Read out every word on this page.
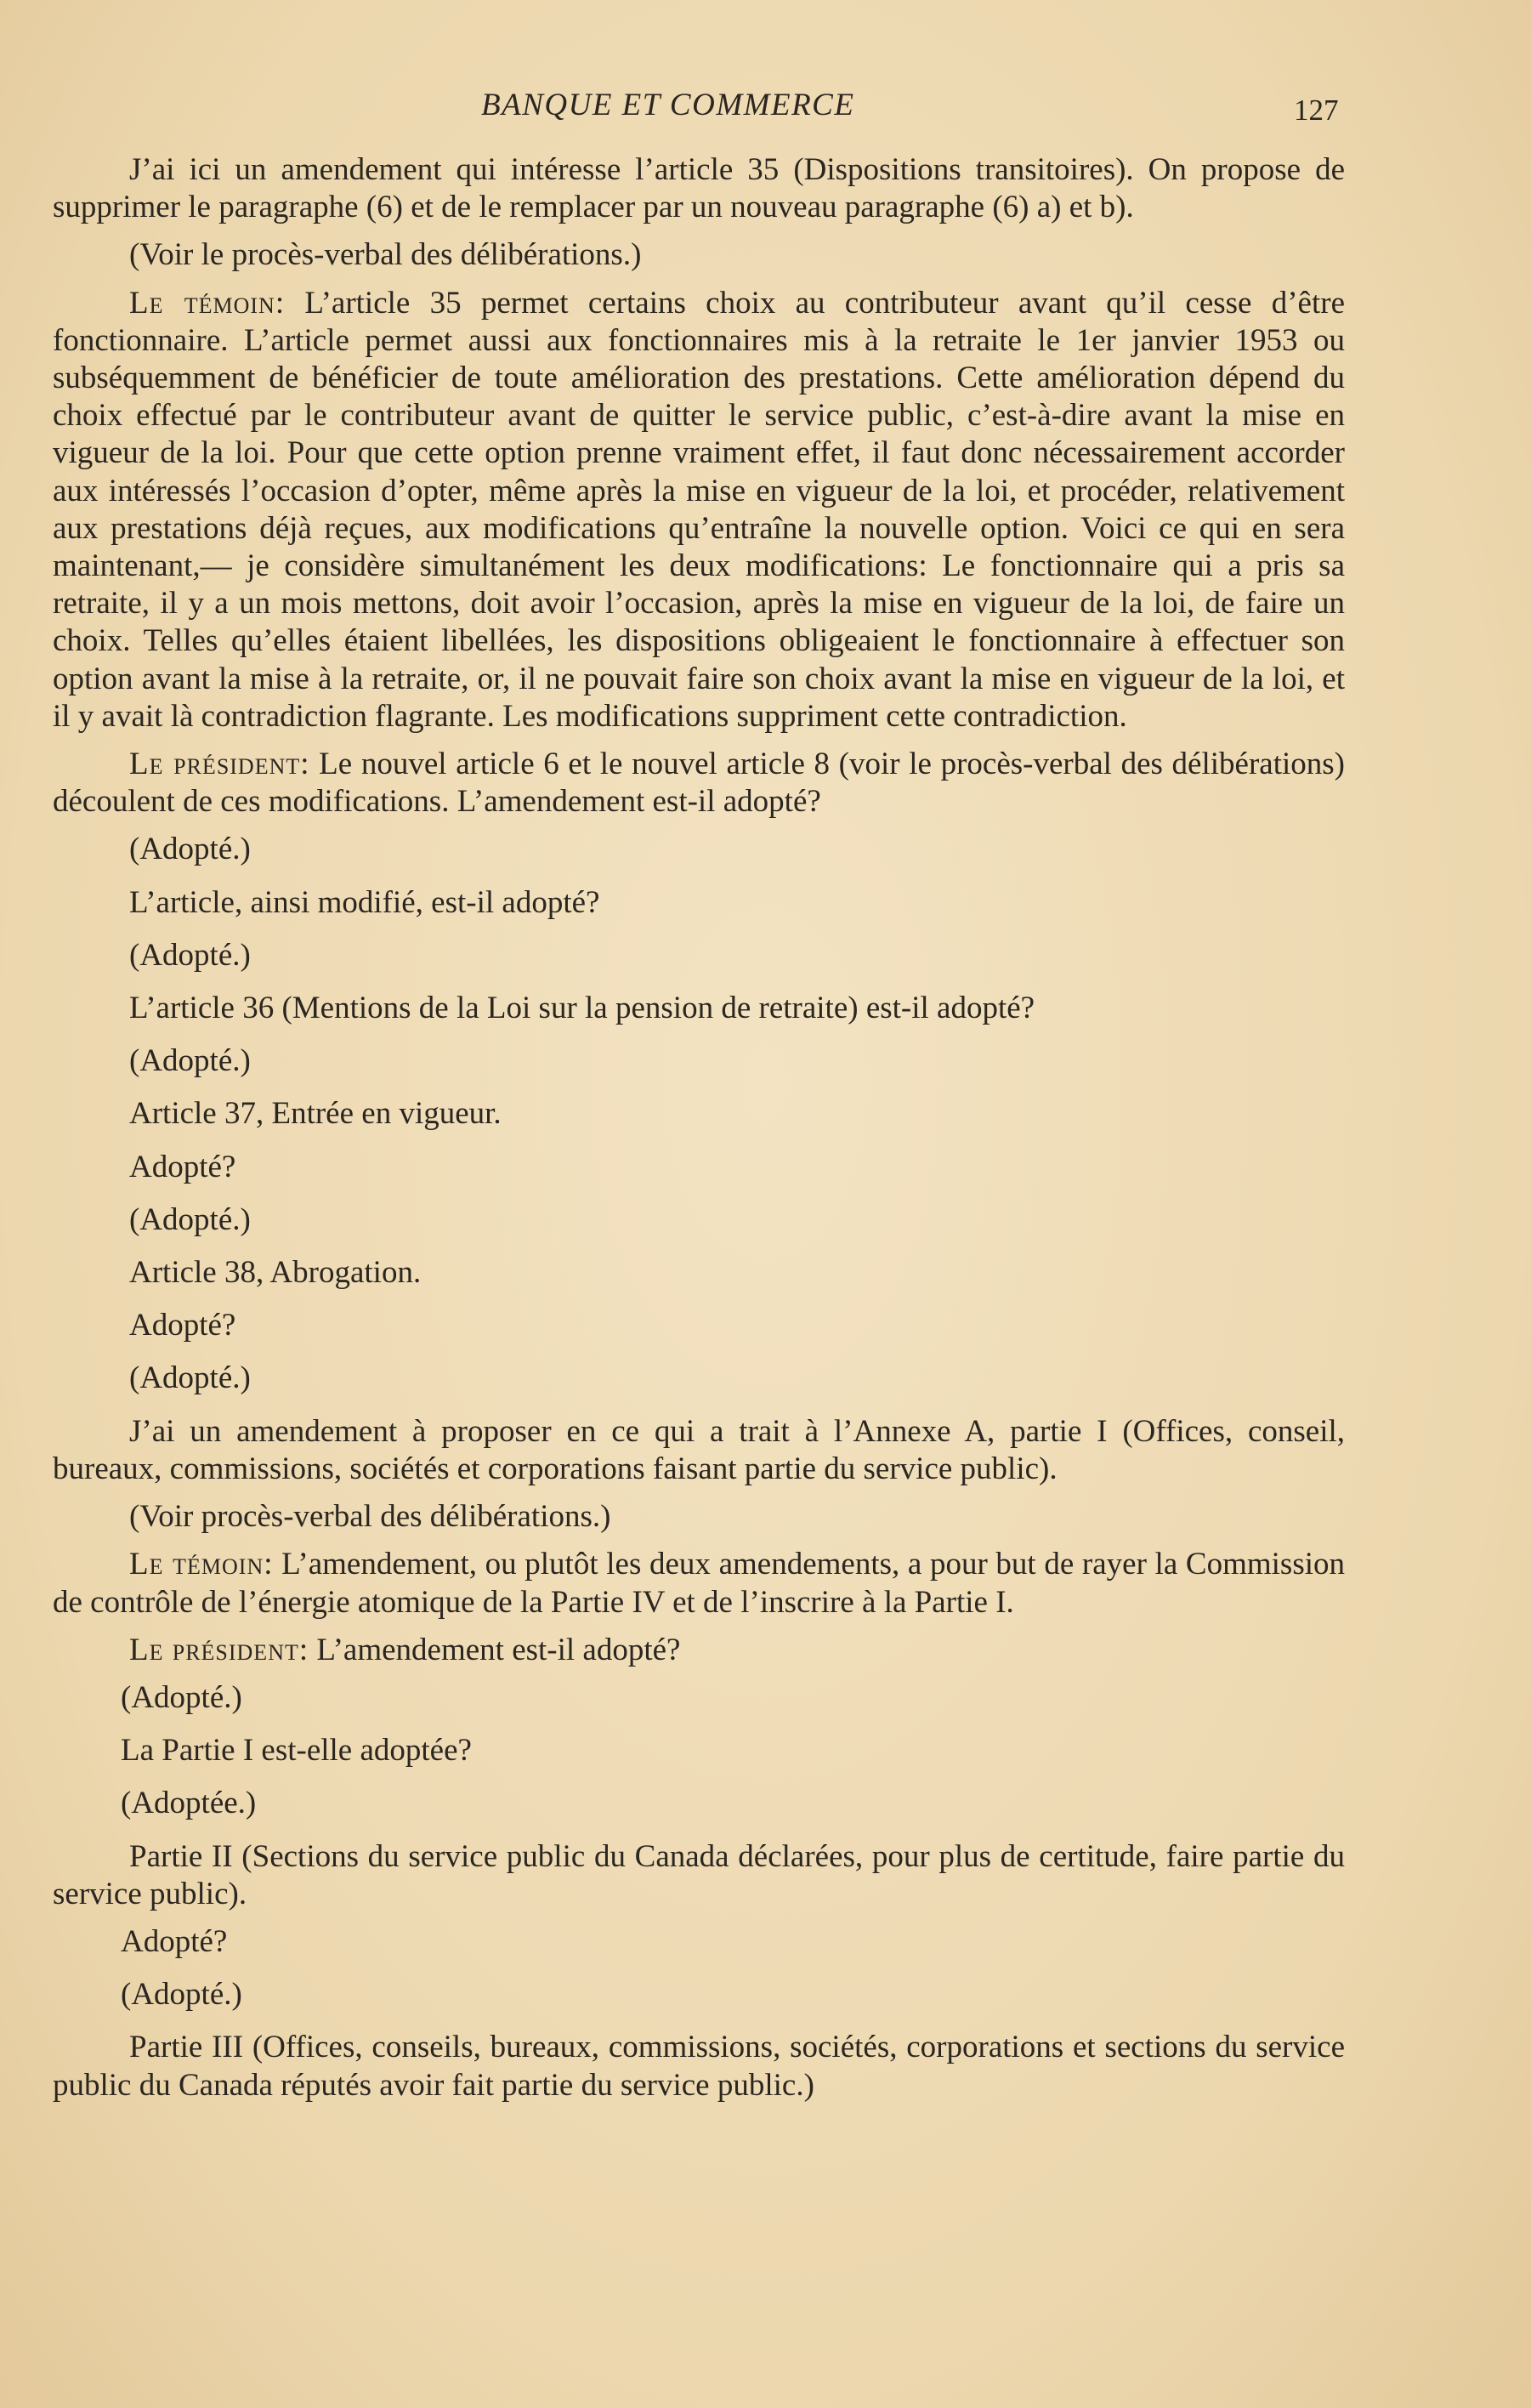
BANQUE ET COMMERCE	127

J’ai ici un amendement qui intéresse l’article 35 (Dispositions transitoires). On propose de supprimer le paragraphe (6) et de le remplacer par un nouveau paragraphe (6) a) et b).

(Voir le procès-verbal des délibérations.)

Le témoin: L’article 35 permet certains choix au contributeur avant qu’il cesse d’être fonctionnaire. L’article permet aussi aux fonctionnaires mis à la retraite le 1er janvier 1953 ou subséquemment de bénéficier de toute amélioration des prestations. Cette amélioration dépend du choix effectué par le contributeur avant de quitter le service public, c’est-à-dire avant la mise en vigueur de la loi. Pour que cette option prenne vraiment effet, il faut donc nécessairement accorder aux intéressés l’occasion d’opter, même après la mise en vigueur de la loi, et procéder, relativement aux prestations déjà reçues, aux modifications qu’entraîne la nouvelle option. Voici ce qui en sera maintenant,— je considère simultanément les deux modifications: Le fonctionnaire qui a pris sa retraite, il y a un mois mettons, doit avoir l’occasion, après la mise en vigueur de la loi, de faire un choix. Telles qu’elles étaient libellées, les dispositions obligeaient le fonctionnaire à effectuer son option avant la mise à la retraite, or, il ne pouvait faire son choix avant la mise en vigueur de la loi, et il y avait là contradiction flagrante. Les modifications suppriment cette contradiction.

Le président: Le nouvel article 6 et le nouvel article 8 (voir le procès-verbal des délibérations) découlent de ces modifications. L’amendement est-il adopté?

(Adopté.)

L’article, ainsi modifié, est-il adopté?

(Adopté.)

L’article 36 (Mentions de la Loi sur la pension de retraite) est-il adopté?

(Adopté.)

Article 37, Entrée en vigueur.

Adopté?

(Adopté.)

Article 38, Abrogation.

Adopté?

(Adopté.)

J’ai un amendement à proposer en ce qui a trait à l’Annexe A, partie I (Offices, conseil, bureaux, commissions, sociétés et corporations faisant partie du service public).

(Voir procès-verbal des délibérations.)

Le témoin: L’amendement, ou plutôt les deux amendements, a pour but de rayer la Commission de contrôle de l’énergie atomique de la Partie IV et de l’inscrire à la Partie I.

Le président: L’amendement est-il adopté?

(Adopté.)

La Partie I est-elle adoptée?

(Adoptée.)

Partie II (Sections du service public du Canada déclarées, pour plus de certitude, faire partie du service public).

Adopté?

(Adopté.)

Partie III (Offices, conseils, bureaux, commissions, sociétés, corporations et sections du service public du Canada réputés avoir fait partie du service public.)
